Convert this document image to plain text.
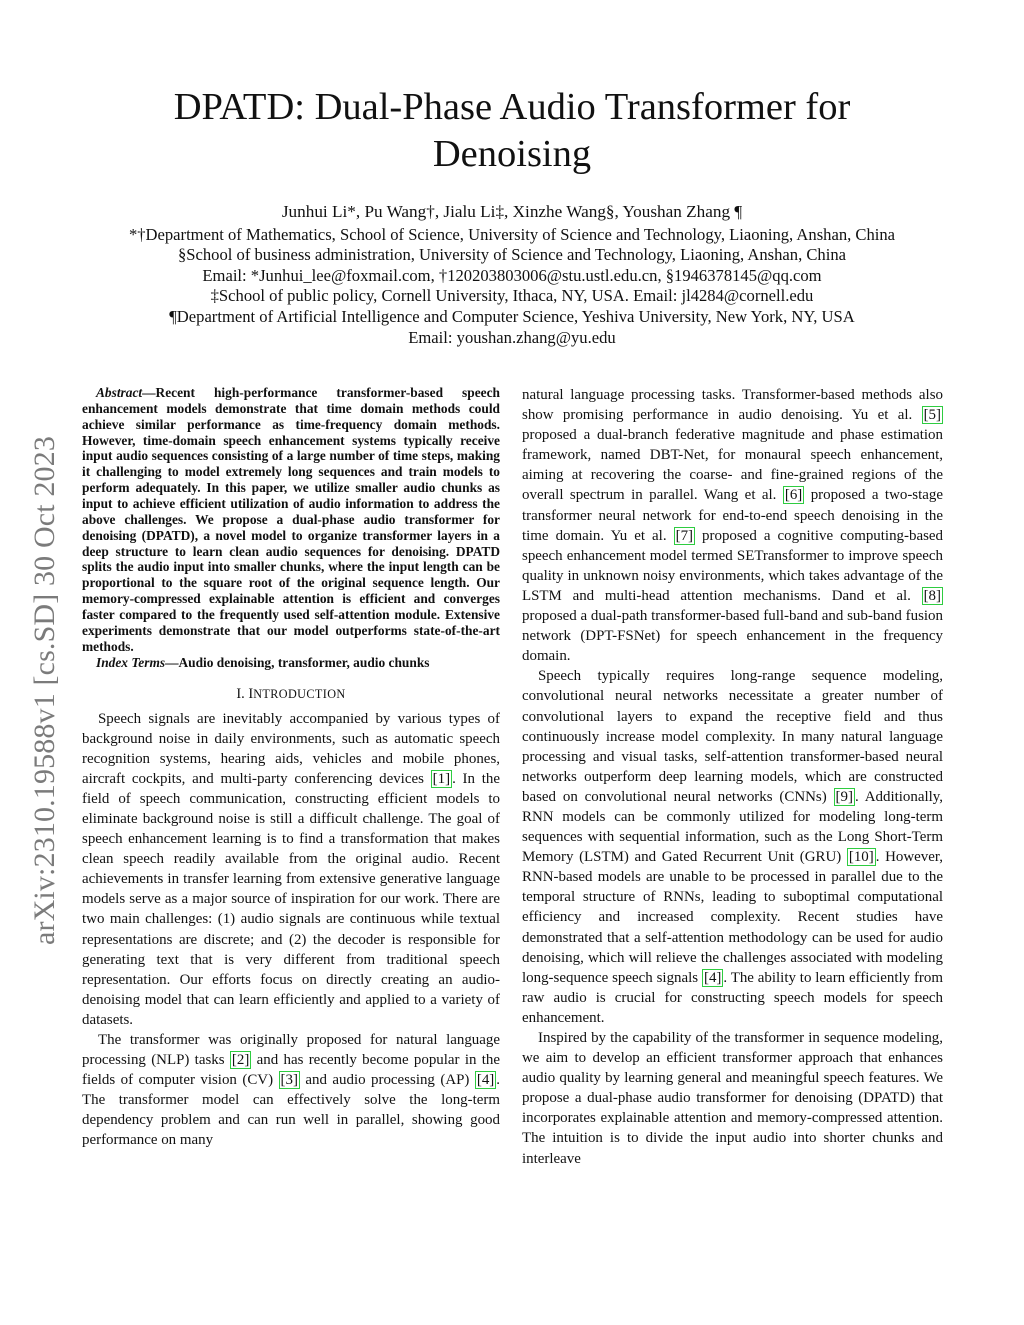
DPATD: Dual-Phase Audio Transformer for Denoising
arXiv:2310.19588v1 [cs.SD] 30 Oct 2023
Junhui Li*, Pu Wang†, Jialu Li‡, Xinzhe Wang§, Youshan Zhang ¶
*†Department of Mathematics, School of Science, University of Science and Technology, Liaoning, Anshan, China
§School of business administration, University of Science and Technology, Liaoning, Anshan, China
Email: *Junhui_lee@foxmail.com, †120203803006@stu.ustl.edu.cn, §1946378145@qq.com
‡School of public policy, Cornell University, Ithaca, NY, USA. Email: jl4284@cornell.edu
¶Department of Artificial Intelligence and Computer Science, Yeshiva University, New York, NY, USA
Email: youshan.zhang@yu.edu

Abstract—Recent high-performance transformer-based speech enhancement models demonstrate that time domain methods could achieve similar performance as time-frequency domain methods. However, time-domain speech enhancement systems typically receive input audio sequences consisting of a large number of time steps, making it challenging to model extremely long sequences and train models to perform adequately. In this paper, we utilize smaller audio chunks as input to achieve efficient utilization of audio information to address the above challenges. We propose a dual-phase audio transformer for denoising (DPATD), a novel model to organize transformer layers in a deep structure to learn clean audio sequences for denoising. DPATD splits the audio input into smaller chunks, where the input length can be proportional to the square root of the original sequence length. Our memory-compressed explainable attention is efficient and converges faster compared to the frequently used self-attention module. Extensive experiments demonstrate that our model outperforms state-of-the-art methods.

Index Terms—Audio denoising, transformer, audio chunks

I. INTRODUCTION

Speech signals are inevitably accompanied by various types of background noise in daily environments, such as automatic speech recognition systems, hearing aids, vehicles and mobile phones, aircraft cockpits, and multi-party conferencing devices [1] . In the field of speech communication, constructing efficient models to eliminate background noise is still a difficult challenge. The goal of speech enhancement learning is to find a transformation that makes clean speech readily available from the original audio. Recent achievements in transfer learning from extensive generative language models serve as a major source of inspiration for our work. There are two main challenges: (1) audio signals are continuous while textual representations are discrete; and (2) the decoder is responsible for generating text that is very different from traditional speech representation. Our efforts focus on directly creating an audio-denoising model that can learn efficiently and applied to a variety of datasets.

The transformer was originally proposed for natural language processing (NLP) tasks [2] and has recently become popular in the fields of computer vision (CV) [3] and audio processing (AP) [4] . The transformer model can effectively solve the long-term dependency problem and can run well in parallel, showing good performance on many

natural language processing tasks. Transformer-based methods also show promising performance in audio denoising. Yu et al. [5] proposed a dual-branch federative magnitude and phase estimation framework, named DBT-Net, for monaural speech enhancement, aiming at recovering the coarse- and fine-grained regions of the overall spectrum in parallel. Wang et al. [6] proposed a two-stage transformer neural network for end-to-end speech denoising in the time domain. Yu et al. [7] proposed a cognitive computing-based speech enhancement model termed SETransformer to improve speech quality in unknown noisy environments, which takes advantage of the LSTM and multi-head attention mechanisms. Dand et al. [8] proposed a dual-path transformer-based full-band and sub-band fusion network (DPT-FSNet) for speech enhancement in the frequency domain.

Speech typically requires long-range sequence modeling, convolutional neural networks necessitate a greater number of convolutional layers to expand the receptive field and thus continuously increase model complexity. In many natural language processing and visual tasks, self-attention transformer-based neural networks outperform deep learning models, which are constructed based on convolutional neural networks (CNNs) [9] . Additionally, RNN models can be commonly utilized for modeling long-term sequences with sequential information, such as the Long Short-Term Memory (LSTM) and Gated Recurrent Unit (GRU) [10] . However, RNN-based models are unable to be processed in parallel due to the temporal structure of RNNs, leading to suboptimal computational efficiency and increased complexity. Recent studies have demonstrated that a self-attention methodology can be used for audio denoising, which will relieve the challenges associated with modeling long-sequence speech signals [4] . The ability to learn efficiently from raw audio is crucial for constructing speech models for speech enhancement.

Inspired by the capability of the transformer in sequence modeling, we aim to develop an efficient transformer approach that enhances audio quality by learning general and meaningful speech features. We propose a dual-phase audio transformer for denoising (DPATD) that incorporates explainable attention and memory-compressed attention. The intuition is to divide the input audio into shorter chunks and interleave
